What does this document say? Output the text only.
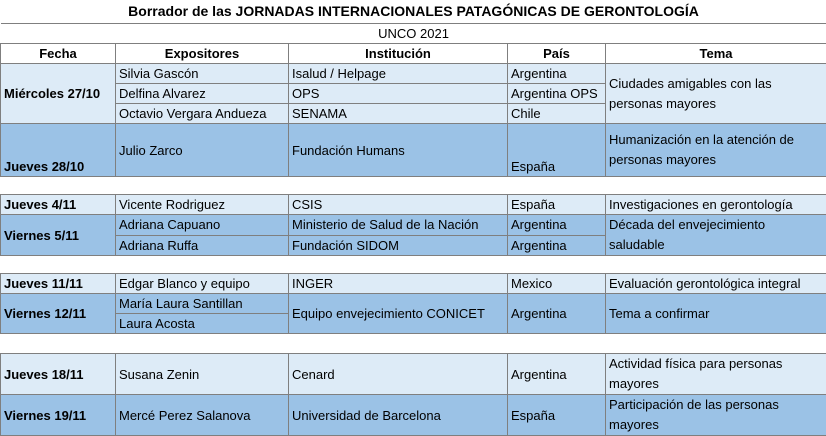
Borrador de las JORNADAS INTERNACIONALES PATAGÓNICAS DE GERONTOLOGÍA				
UNCO 2021				
Fecha	Expositores	Institución	País	Tema
Miércoles 27/10	Silvia Gascón	Isalud / Helpage	Argentina	Ciudades amigables con las personas mayores
	Delfina Alvarez	OPS	Argentina OPS	
	Octavio Vergara Andueza	SENAMA	Chile	
Jueves 28/10	Julio Zarco	Fundación Humans	España	Humanización en la atención de personas mayores

Jueves 4/11	Vicente Rodriguez	CSIS	España	Investigaciones en gerontología
Viernes 5/11	Adriana Capuano	Ministerio de Salud de la Nación	Argentina	Década del envejecimiento saludable
	Adriana Ruffa	Fundación SIDOM	Argentina	

Jueves 11/11	Edgar Blanco y equipo	INGER	Mexico	Evaluación gerontológica integral
Viernes 12/11	María Laura Santillan	Equipo envejecimiento CONICET	Argentina	Tema a confirmar
	Laura Acosta			

Jueves 18/11	Susana Zenin	Cenard	Argentina	Actividad física para personas mayores
Viernes 19/11	Mercé Perez Salanova	Universidad de Barcelona	España	Participación de las personas mayores
